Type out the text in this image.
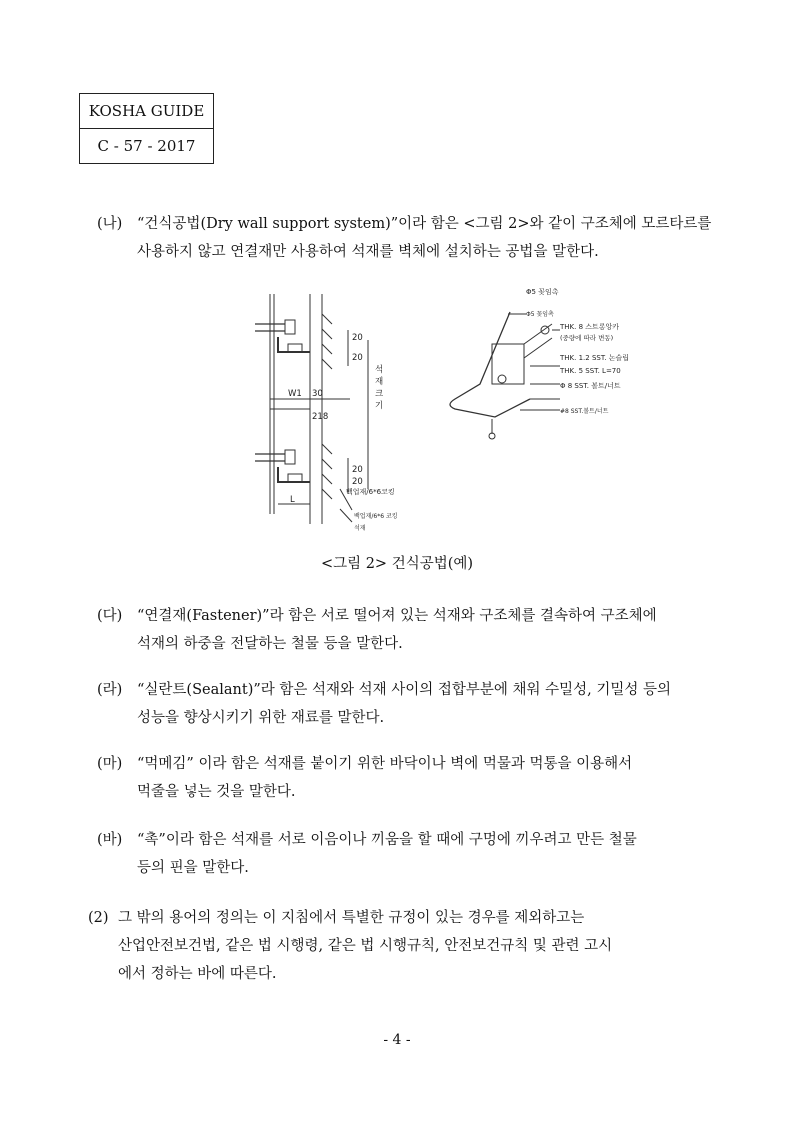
KOSHA GUIDE
C - 57 - 2017
(나) “건식공법(Dry wall support system)”이라 함은 <그림 2>와 같이 구조체에 모르타르를
사용하지 않고 연결재만 사용하여 석재를 벽체에 설치하는 공법을 말한다.
20
20
석
재
크
기
W1 30
218
20
20
L
백업재/6*6코킹
백업재/6*6 코킹
석재
Φ5 꽂임촉
Φ5 꽂임촉
THK. 8 스트롱앙카
(중량에 따라 변동)
THK. 1.2 SST. 논슬립
THK. 5 SST. L=70
Φ 8 SST. 볼트/너트
#8 SST.볼트/너트
<그림 2> 건식공법(예)
(다) “연결재(Fastener)”라 함은 서로 떨어져 있는 석재와 구조체를 결속하여 구조체에
석재의 하중을 전달하는 철물 등을 말한다.
(라) “실란트(Sealant)”라 함은 석재와 석재 사이의 접합부분에 채워 수밀성, 기밀성 등의
성능을 향상시키기 위한 재료를 말한다.
(마) “먹메김” 이라 함은 석재를 붙이기 위한 바닥이나 벽에 먹물과 먹통을 이용해서
먹줄을 넣는 것을 말한다.
(바) “촉”이라 함은 석재를 서로 이음이나 끼움을 할 때에 구멍에 끼우려고 만든 철물
등의 핀을 말한다.
(2) 그 밖의 용어의 정의는 이 지침에서 특별한 규정이 있는 경우를 제외하고는
산업안전보건법, 같은 법 시행령, 같은 법 시행규칙, 안전보건규칙 및 관련 고시
에서 정하는 바에 따른다.
- 4 -
